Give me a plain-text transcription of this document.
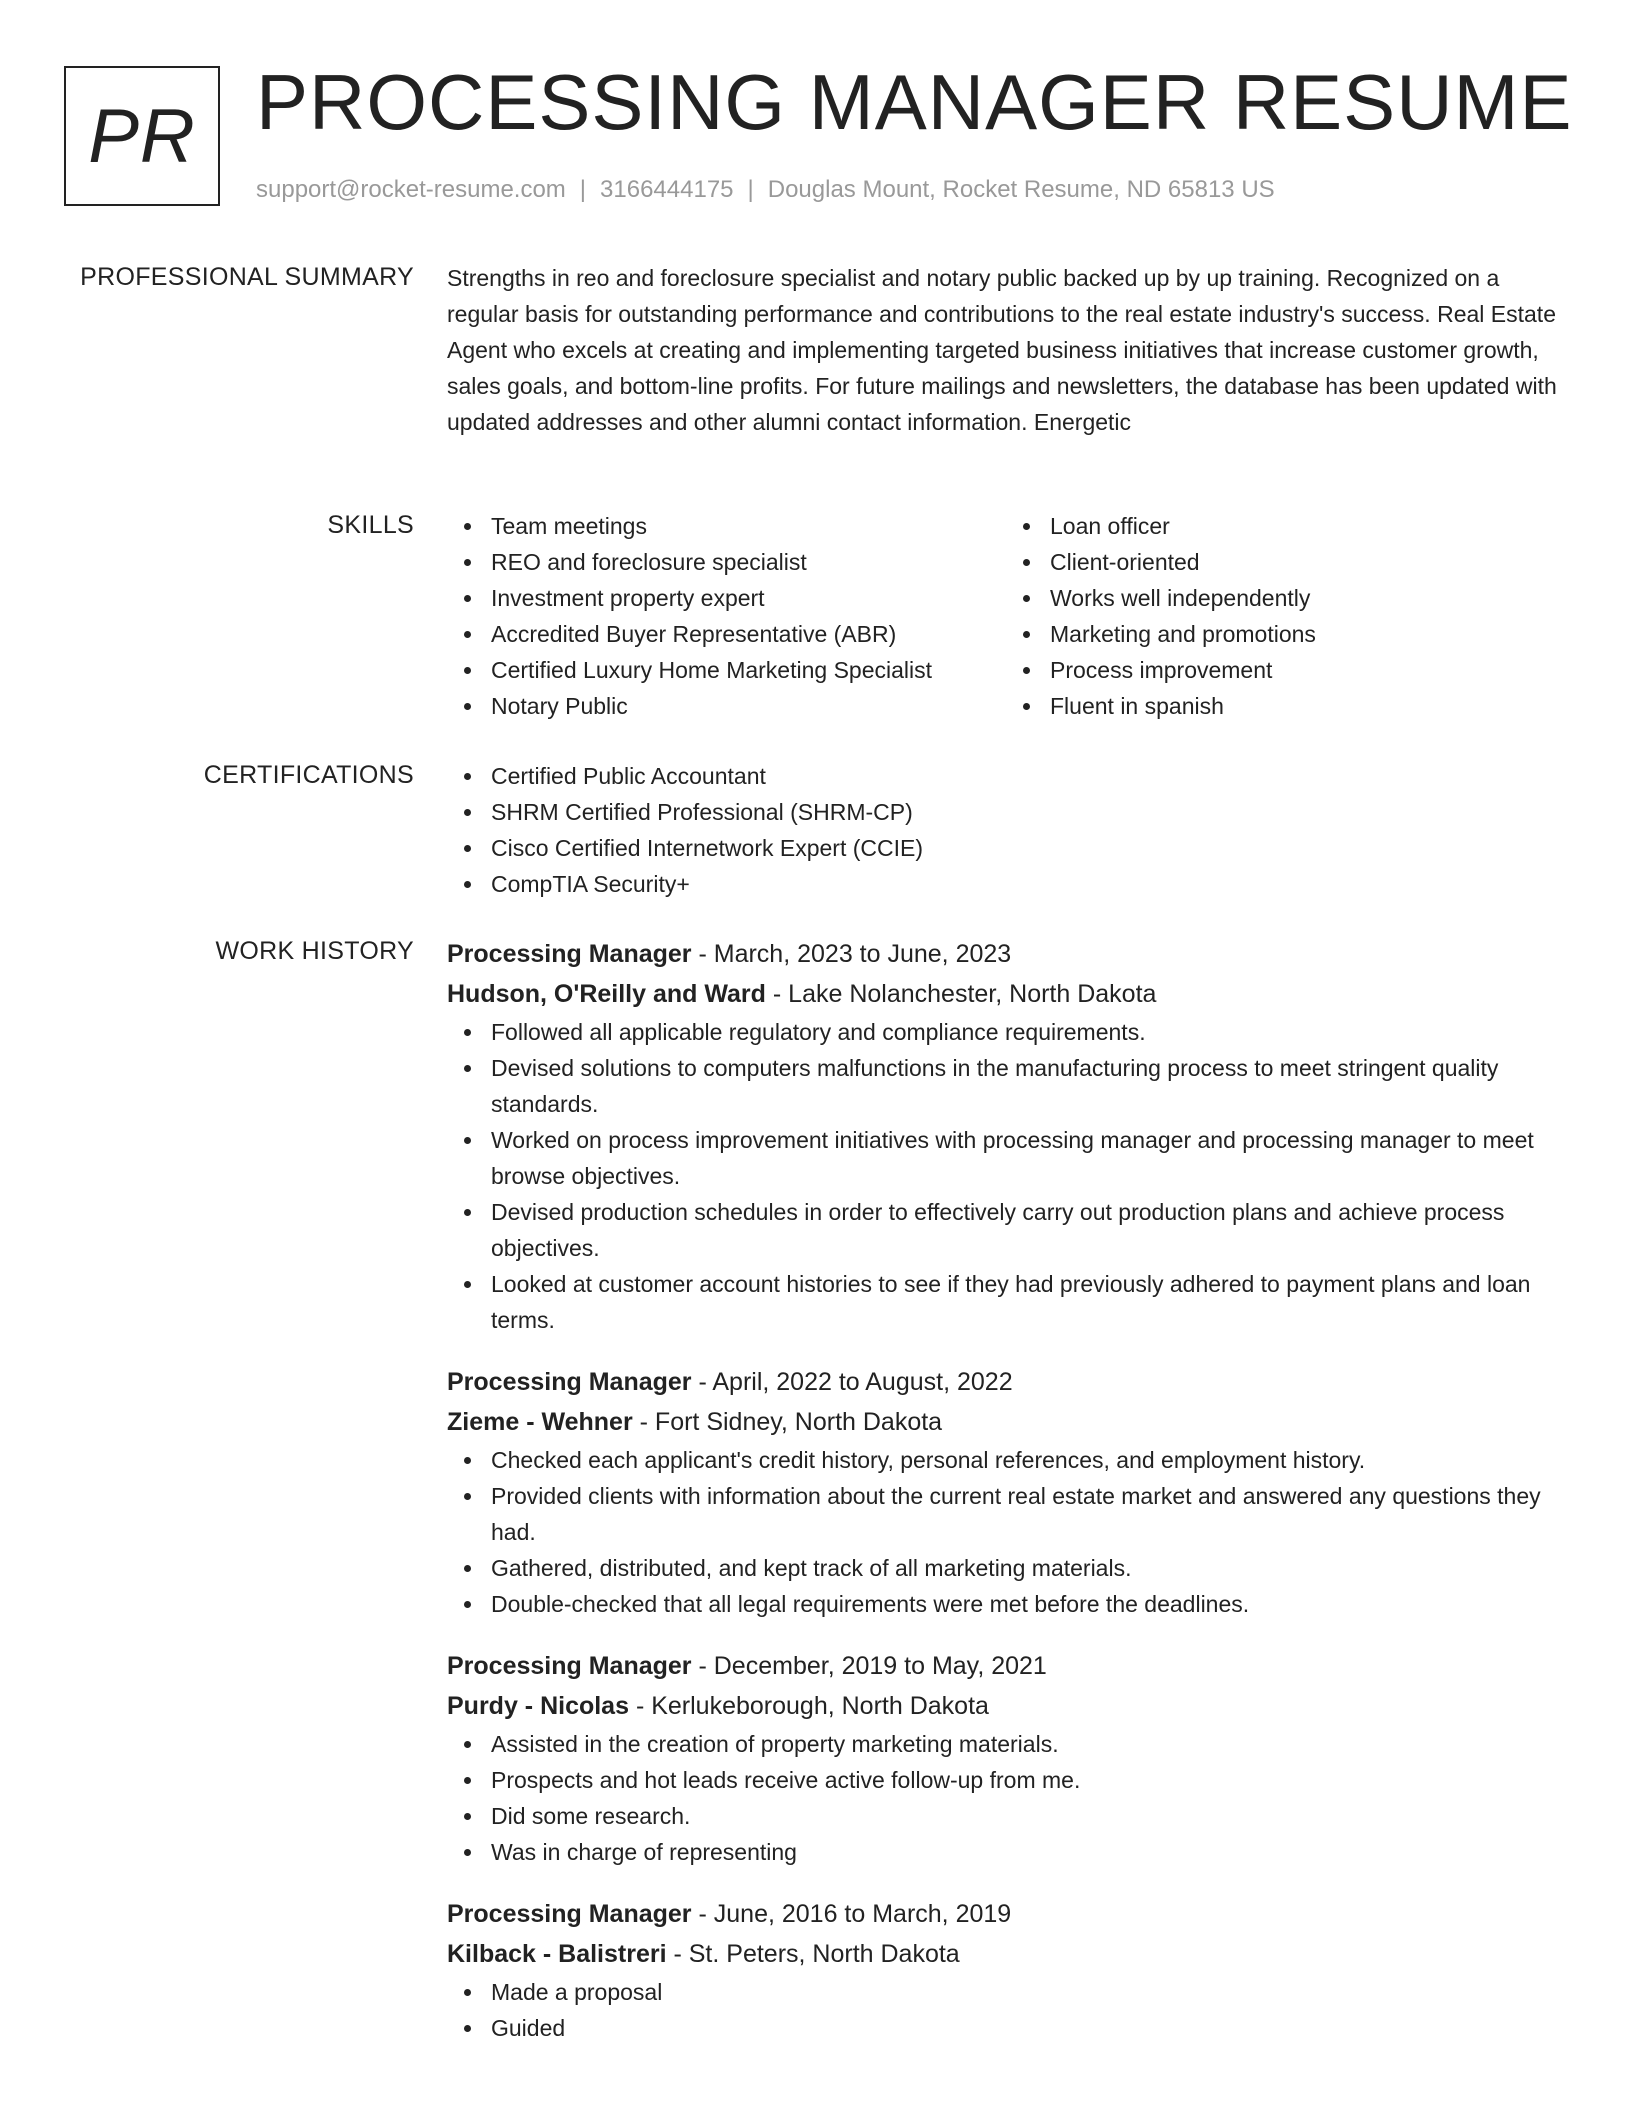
PR PROCESSING MANAGER RESUME
support@rocket-resume.com | 3166444175 | Douglas Mount, Rocket Resume, ND 65813 US
PROFESSIONAL SUMMARY Strengths in reo and foreclosure specialist and notary public backed up by up training. Recognized on a regular basis for outstanding performance and contributions to the real estate industry's success. Real Estate Agent who excels at creating and implementing targeted business initiatives that increase customer growth, sales goals, and bottom-line profits. For future mailings and newsletters, the database has been updated with updated addresses and other alumni contact information. Energetic

SKILLS	Team meetings
REO and foreclosure specialist
Investment property expert
Accredited Buyer Representative (ABR)
Certified Luxury Home Marketing Specialist
Notary Public
Loan officer
Client-oriented
Works well independently
Marketing and promotions
Process improvement
Fluent in spanish
CERTIFICATIONS	Certified Public Accountant
SHRM Certified Professional (SHRM-CP)
Cisco Certified Internetwork Expert (CCIE)
CompTIA Security+
WORK HISTORY Processing Manager - March, 2023 to June, 2023
Hudson, O'Reilly and Ward - Lake Nolanchester, North Dakota
Followed all applicable regulatory and compliance requirements.
Devised solutions to computers malfunctions in the manufacturing process to meet stringent quality standards.
Worked on process improvement initiatives with processing manager and processing manager to meet browse objectives.
Devised production schedules in order to effectively carry out production plans and achieve process objectives.
Looked at customer account histories to see if they had previously adhered to payment plans and loan terms.
Processing Manager - April, 2022 to August, 2022
Zieme - Wehner - Fort Sidney, North Dakota
Checked each applicant's credit history, personal references, and employment history.
Provided clients with information about the current real estate market and answered any questions they had.
Gathered, distributed, and kept track of all marketing materials.
Double-checked that all legal requirements were met before the deadlines.
Processing Manager - December, 2019 to May, 2021
Purdy - Nicolas - Kerlukeborough, North Dakota
Assisted in the creation of property marketing materials.
Prospects and hot leads receive active follow-up from me.
Did some research.
Was in charge of representing
Processing Manager - June, 2016 to March, 2019
Kilback - Balistreri - St. Peters, North Dakota
Made a proposal
Guided
